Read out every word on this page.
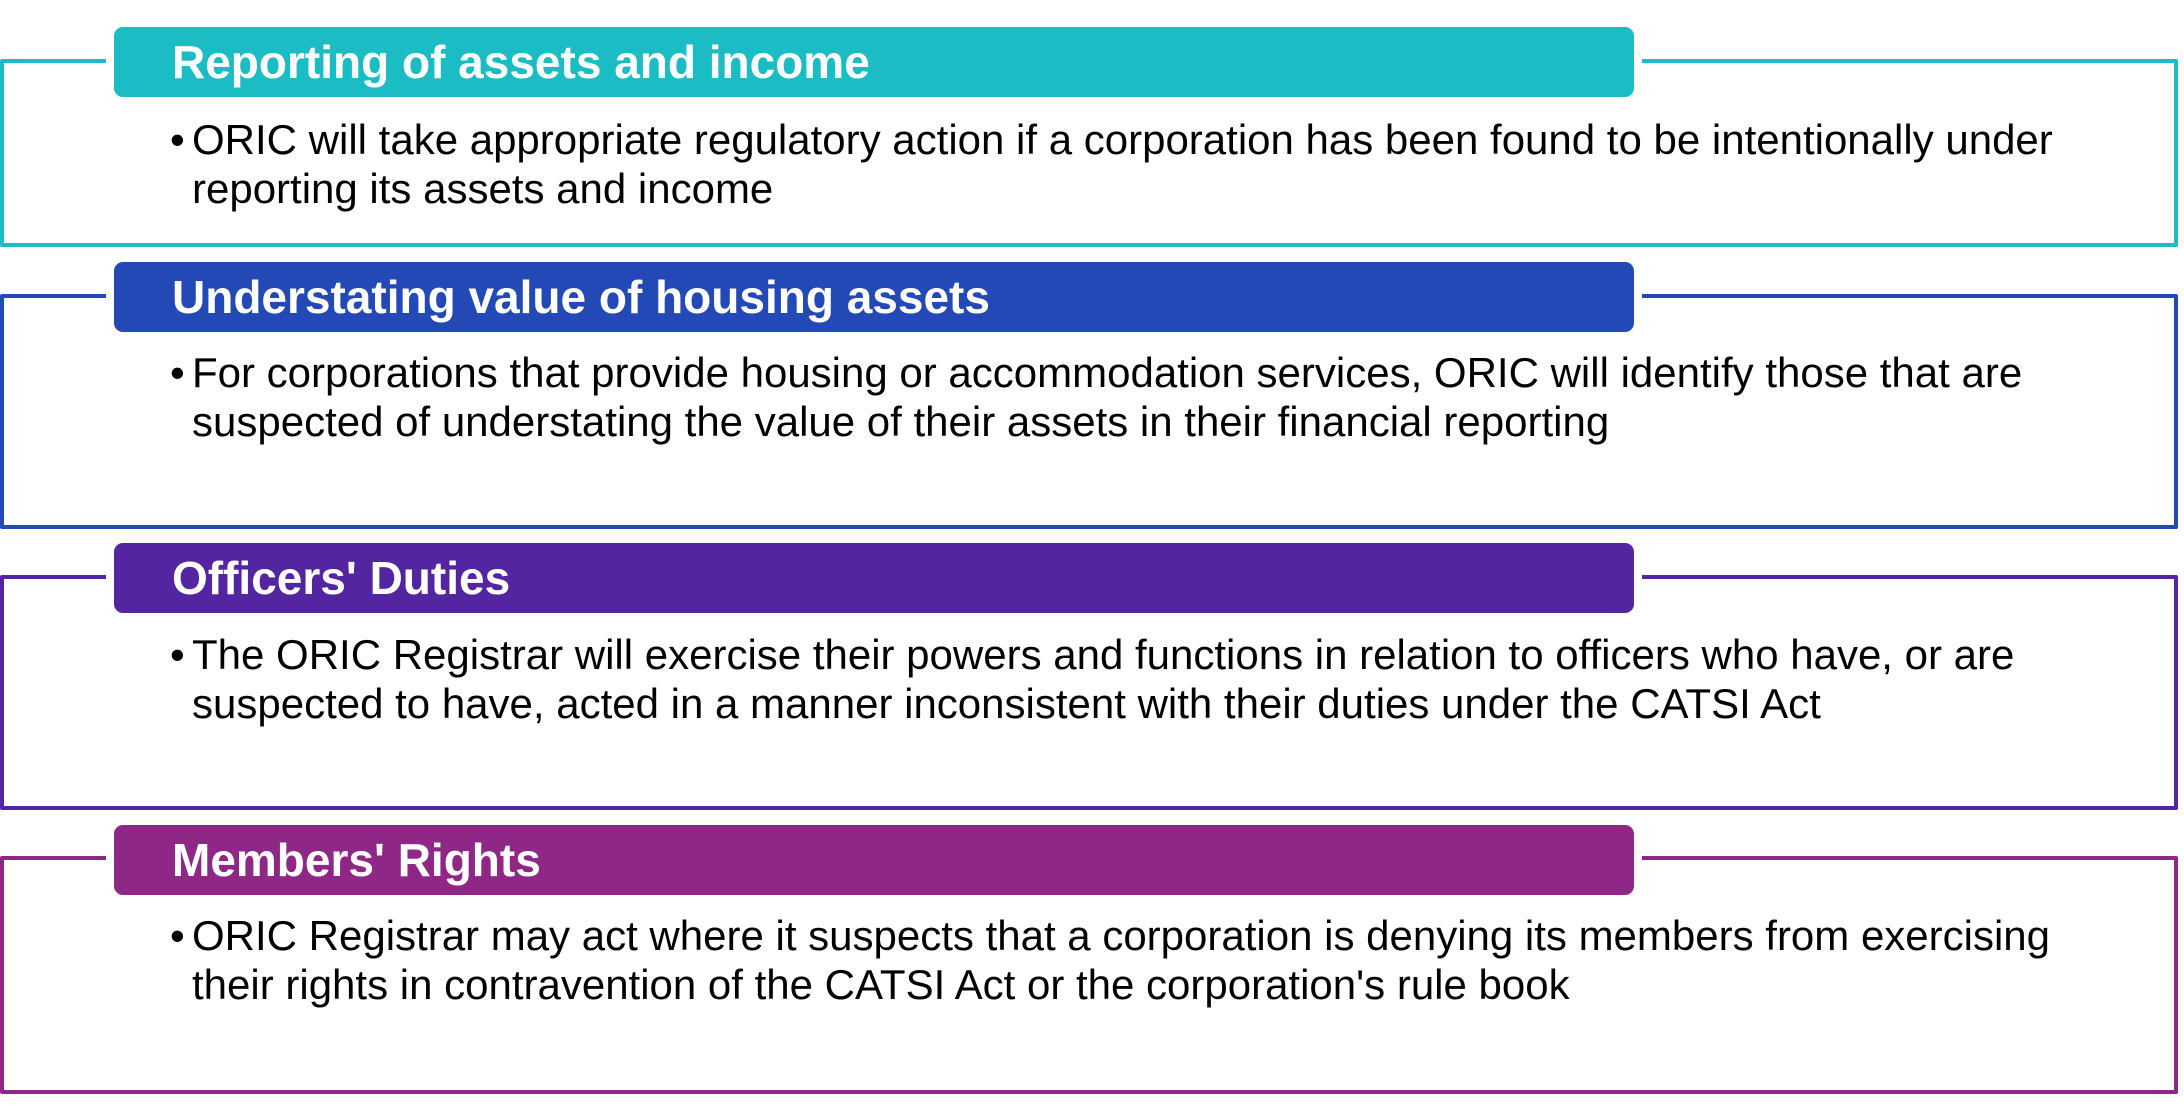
Reporting of assets and income
• ORIC will take appropriate regulatory action if a corporation has been found to be intentionally under reporting its assets and income
Understating value of housing assets
• For corporations that provide housing or accommodation services, ORIC will identify those that are suspected of understating the value of their assets in their financial reporting
Officers' Duties
• The ORIC Registrar will exercise their powers and functions in relation to officers who have, or are suspected to have, acted in a manner inconsistent with their duties under the CATSI Act
Members' Rights
• ORIC Registrar may act where it suspects that a corporation is denying its members from exercising their rights in contravention of the CATSI Act or the corporation's rule book
